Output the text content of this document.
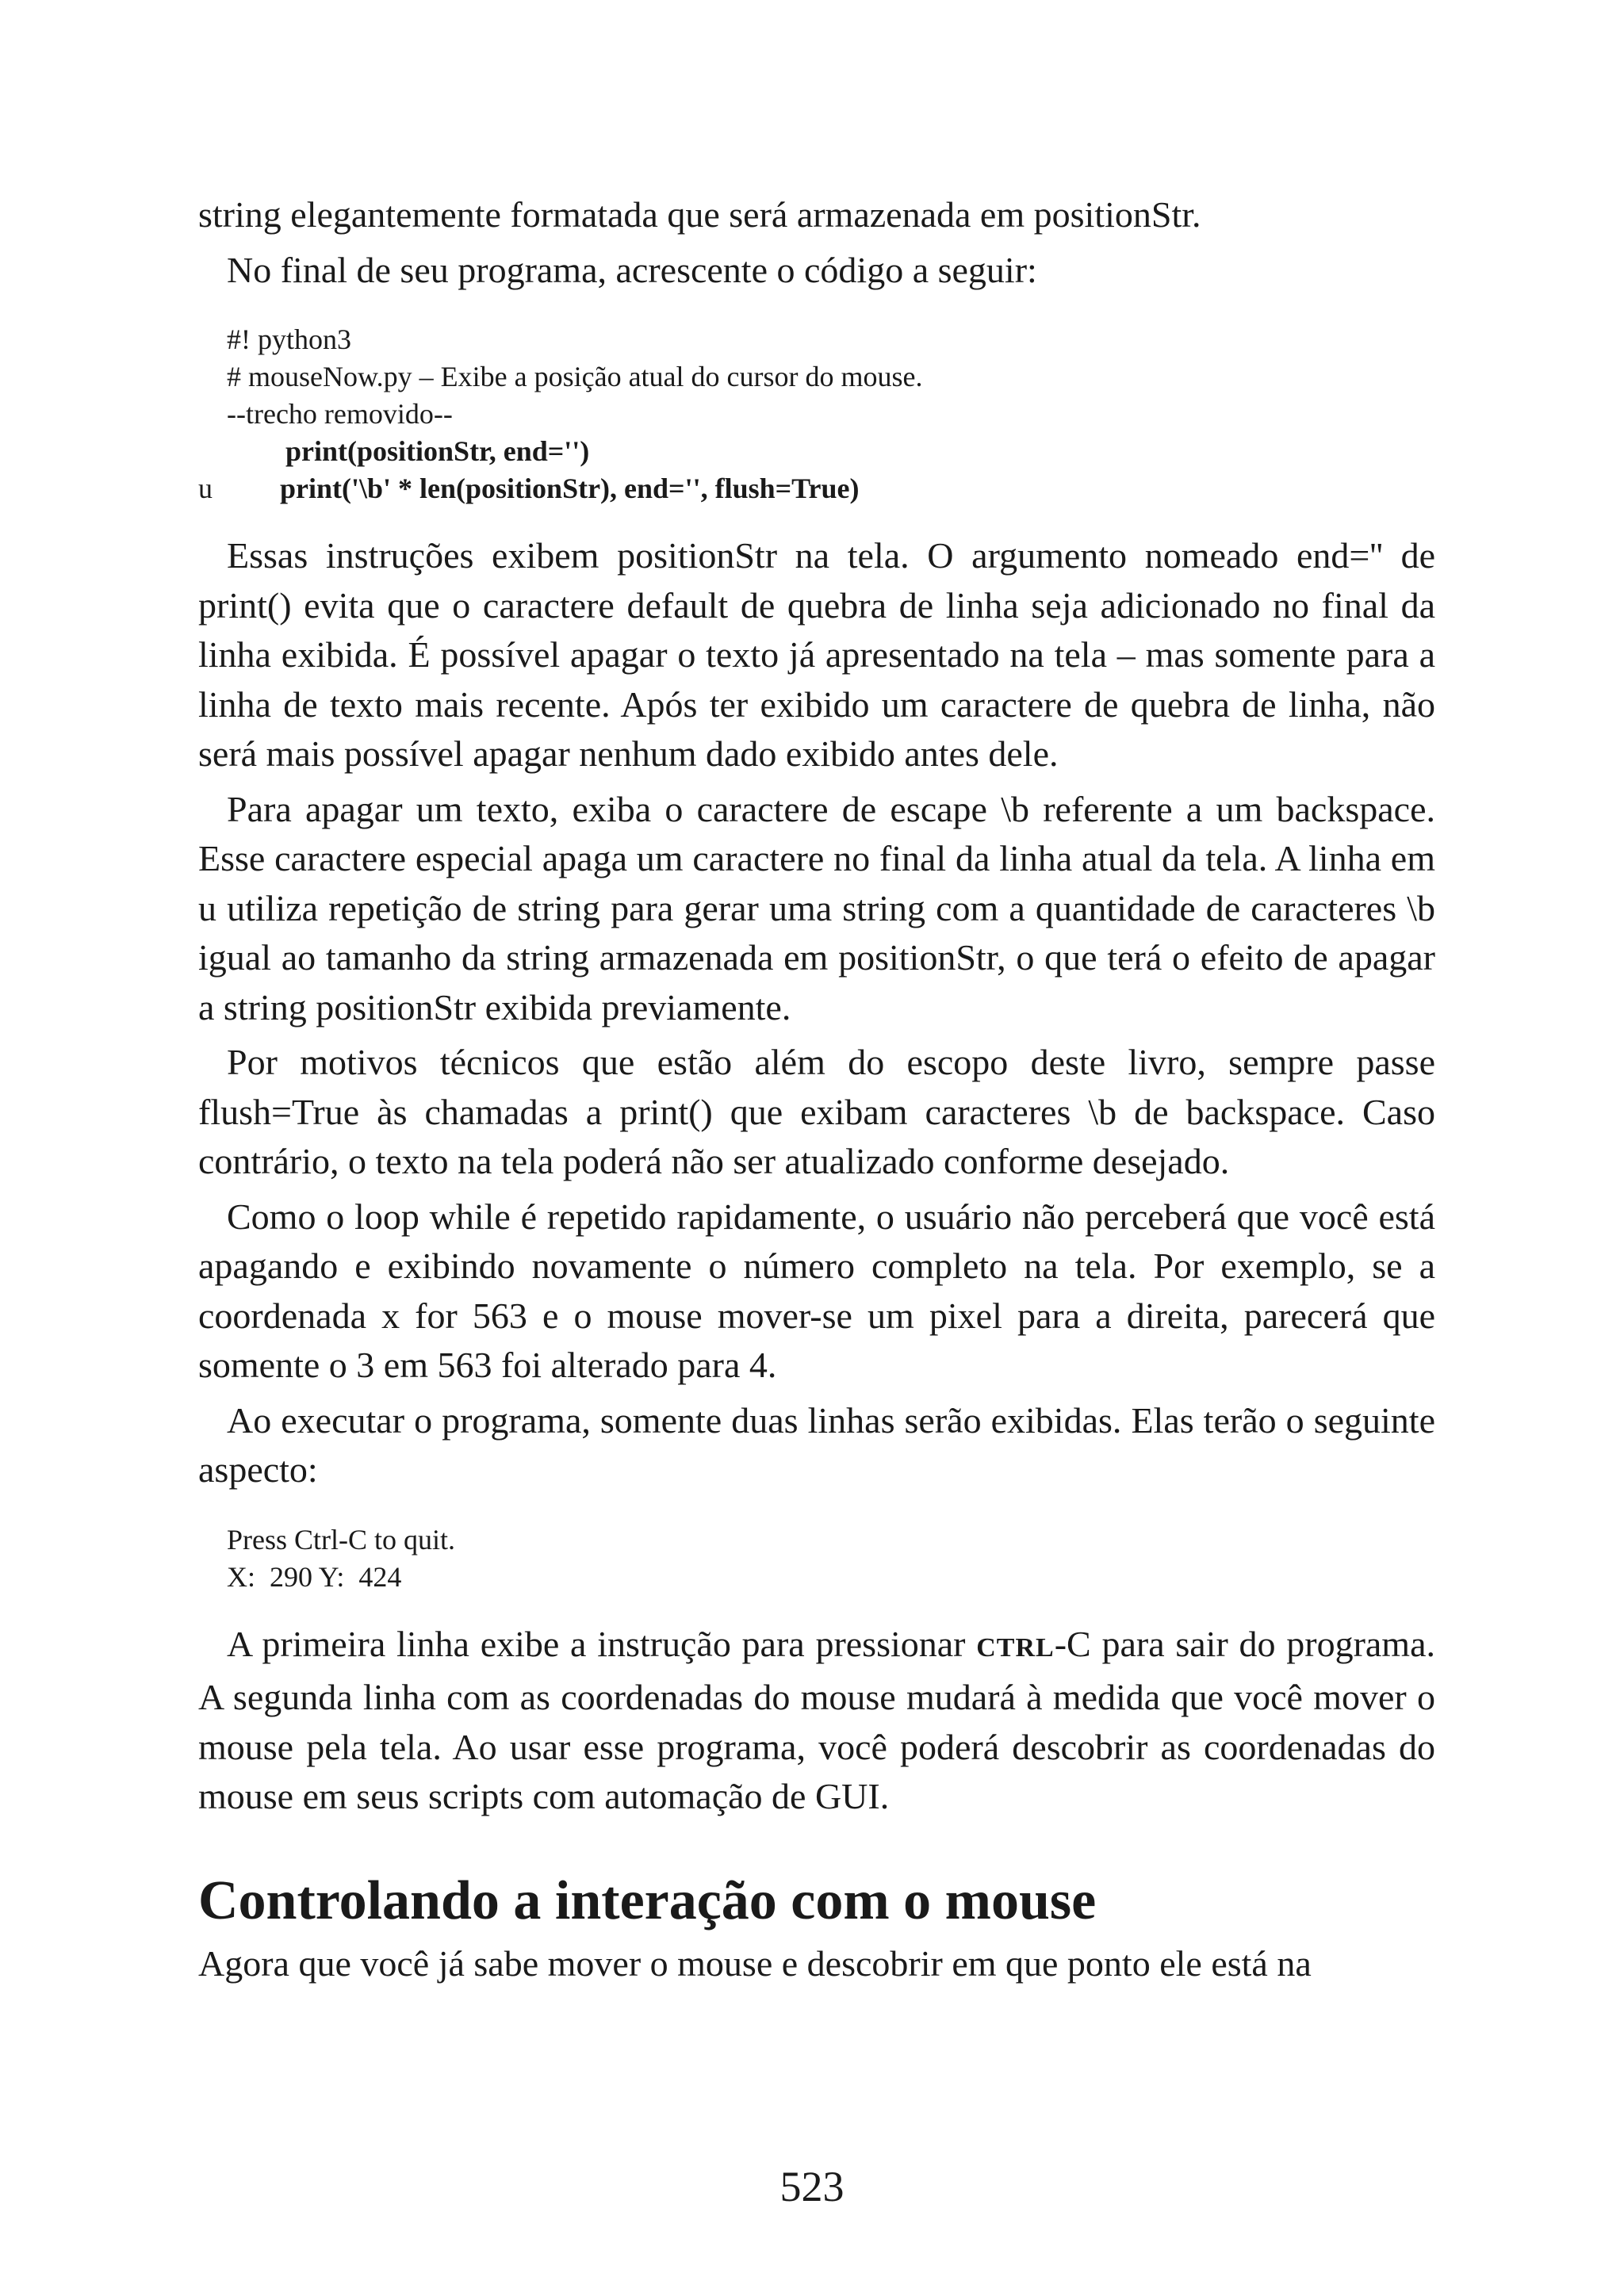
string elegantemente formatada que será armazenada em positionStr.

No final de seu programa, acrescente o código a seguir:

#! python3
# mouseNow.py – Exibe a posição atual do cursor do mouse.
--trecho removido--
print(positionStr, end='')
u print('\b' * len(positionStr), end='', flush=True)

Essas instruções exibem positionStr na tela. O argumento nomeado end='' de print() evita que o caractere default de quebra de linha seja adicionado no final da linha exibida. É possível apagar o texto já apresentado na tela – mas somente para a linha de texto mais recente. Após ter exibido um caractere de quebra de linha, não será mais possível apagar nenhum dado exibido antes dele.

Para apagar um texto, exiba o caractere de escape \b referente a um backspace. Esse caractere especial apaga um caractere no final da linha atual da tela. A linha em u utiliza repetição de string para gerar uma string com a quantidade de caracteres \b igual ao tamanho da string armazenada em positionStr, o que terá o efeito de apagar a string positionStr exibida previamente.

Por motivos técnicos que estão além do escopo deste livro, sempre passe flush=True às chamadas a print() que exibam caracteres \b de backspace. Caso contrário, o texto na tela poderá não ser atualizado conforme desejado.

Como o loop while é repetido rapidamente, o usuário não perceberá que você está apagando e exibindo novamente o número completo na tela. Por exemplo, se a coordenada x for 563 e o mouse mover-se um pixel para a direita, parecerá que somente o 3 em 563 foi alterado para 4.

Ao executar o programa, somente duas linhas serão exibidas. Elas terão o seguinte aspecto:

Press Ctrl-C to quit.
X:  290 Y:  424

A primeira linha exibe a instrução para pressionar CTRL-C para sair do programa. A segunda linha com as coordenadas do mouse mudará à medida que você mover o mouse pela tela. Ao usar esse programa, você poderá descobrir as coordenadas do mouse em seus scripts com automação de GUI.

Controlando a interação com o mouse

Agora que você já sabe mover o mouse e descobrir em que ponto ele está na

523
